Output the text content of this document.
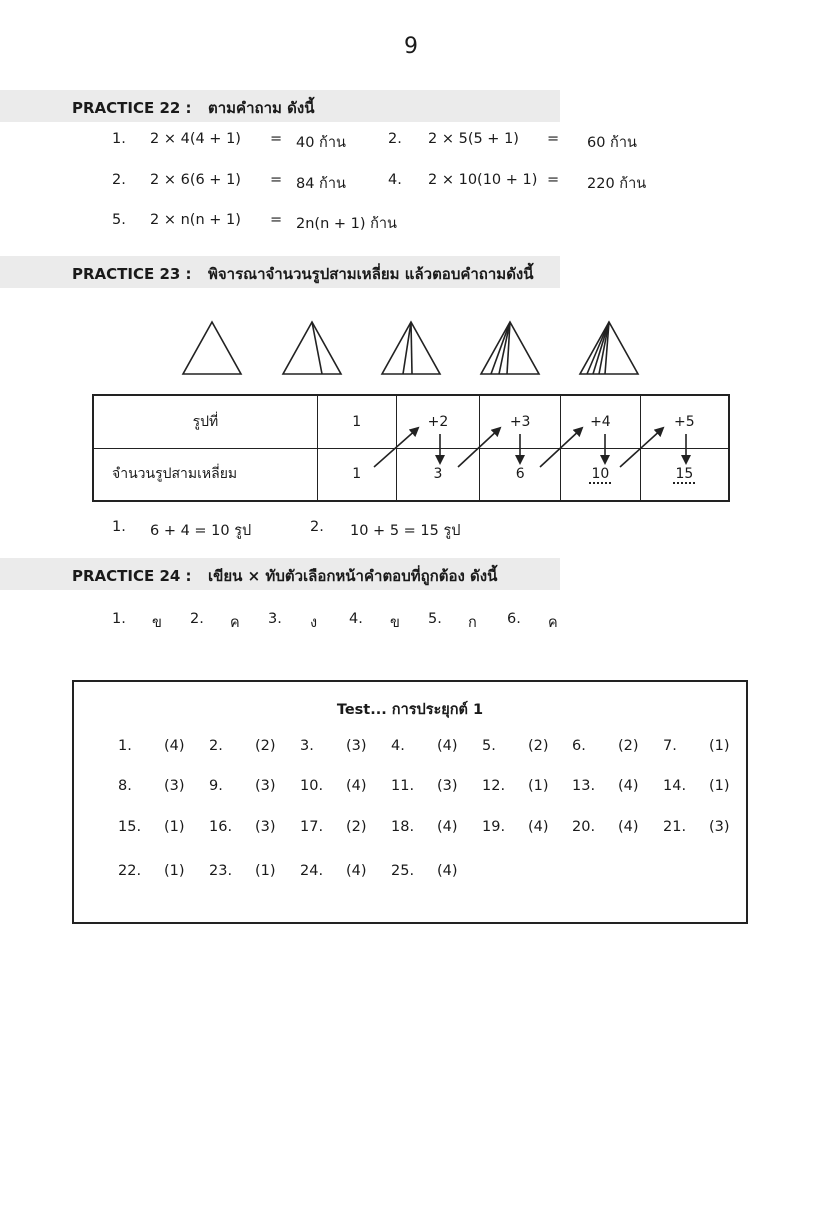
9
PRACTICE 22 : ตามคำถาม ดังนี้
1. 2 × 4(4 + 1) = 40 ก้าน	2. 2 × 5(5 + 1) = 60 ก้าน
2. 2 × 6(6 + 1) = 84 ก้าน	4. 2 × 10(10 + 1) = 220 ก้าน
5. 2 × n(n + 1) = 2n(n + 1) ก้าน
PRACTICE 23 : พิจารณาจำนวนรูปสามเหลี่ยม แล้วตอบคำถามดังนี้
รูปที่	1	+2	+3	+4	+5
จำนวนรูปสามเหลี่ยม	1	3	6	10	15
1. 6 + 4 = 10 รูป	2. 10 + 5 = 15 รูป
PRACTICE 24 : เขียน × ทับตัวเลือกหน้าคำตอบที่ถูกต้อง ดังนี้
1. ข 2. ค 3. ง 4. ข 5. ก 6. ค
Test... การประยุกต์ 1
1. (4) 2. (2) 3. (3) 4. (4) 5. (2) 6. (2) 7. (1)
8. (3) 9. (3) 10. (4) 11. (3) 12. (1) 13. (4) 14. (1)
15. (1) 16. (3) 17. (2) 18. (4) 19. (4) 20. (4) 21. (3)
22. (1) 23. (1) 24. (4) 25. (4)
